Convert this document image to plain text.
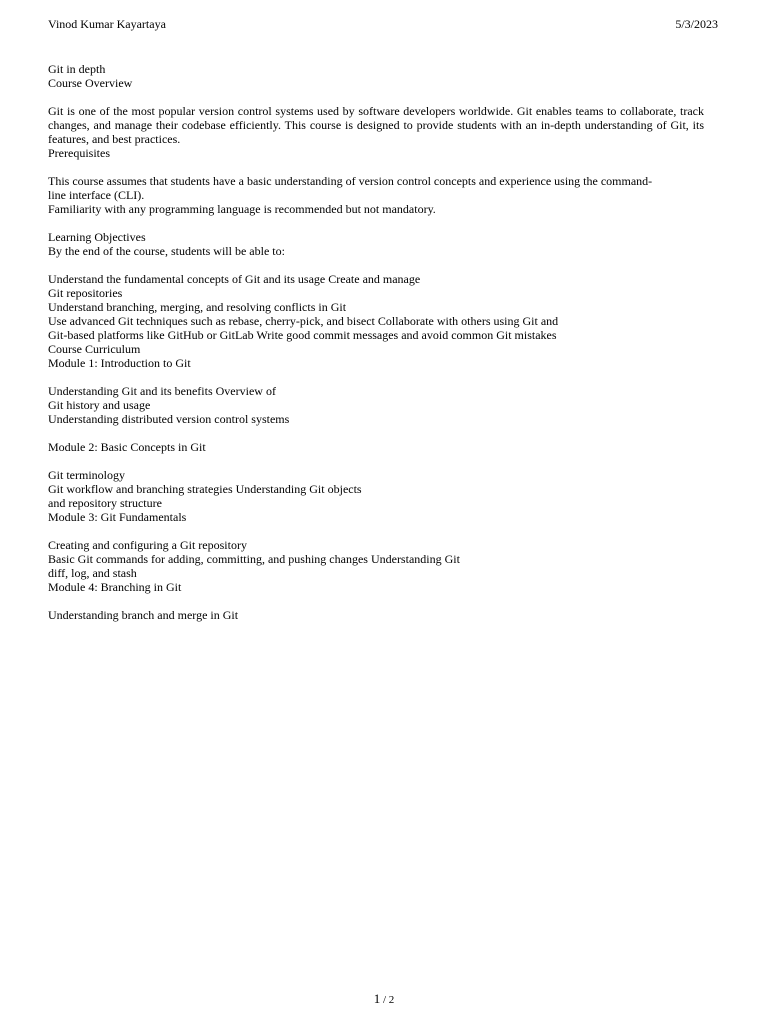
Vinod Kumar Kayartaya	5/3/2023
Git in depth
Course Overview
Git is one of the most popular version control systems used by software developers worldwide. Git enables teams to collaborate, track changes, and manage their codebase efficiently. This course is designed to provide students with an in-depth understanding of Git, its features, and best practices.
Prerequisites
This course assumes that students have a basic understanding of version control concepts and experience using the command-
line interface (CLI).
Familiarity with any programming language is recommended but not mandatory.
Learning Objectives
By the end of the course, students will be able to:
Understand the fundamental concepts of Git and its usage Create and manage
Git repositories
Understand branching, merging, and resolving conflicts in Git
Use advanced Git techniques such as rebase, cherry-pick, and bisect Collaborate with others using Git and
Git-based platforms like GitHub or GitLab Write good commit messages and avoid common Git mistakes
Course Curriculum
Module 1: Introduction to Git
Understanding Git and its benefits Overview of
Git history and usage
Understanding distributed version control systems
Module 2: Basic Concepts in Git
Git terminology
Git workflow and branching strategies Understanding Git objects
and repository structure
Module 3: Git Fundamentals
Creating and configuring a Git repository
Basic Git commands for adding, committing, and pushing changes Understanding Git
diff, log, and stash
Module 4: Branching in Git
Understanding branch and merge in Git
1 / 2
